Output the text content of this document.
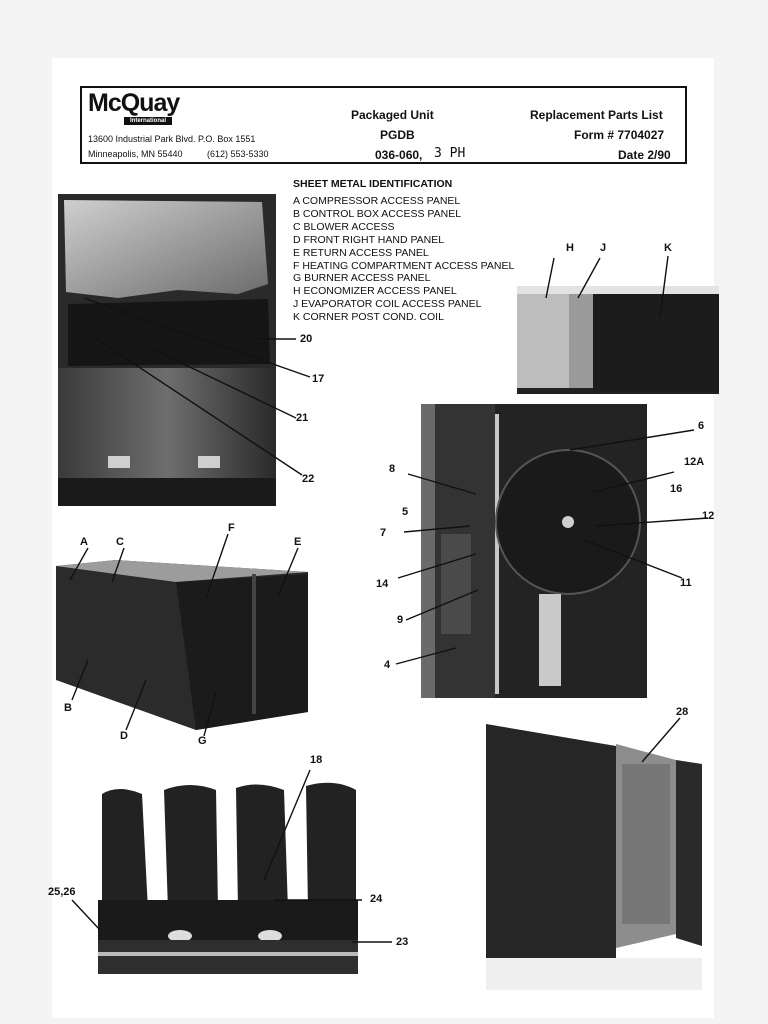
McQuay
International
13600 Industrial Park Blvd. P.O. Box 1551
Minneapolis, MN 55440	(612) 553-5330
Packaged Unit
PGDB
036-060, 3 PH
Replacement Parts List
Form # 7704027
Date 2/90
SHEET METAL IDENTIFICATION
A COMPRESSOR ACCESS PANEL
B CONTROL BOX ACCESS PANEL
C BLOWER ACCESS
D FRONT RIGHT HAND PANEL
E RETURN ACCESS PANEL
F HEATING COMPARTMENT ACCESS PANEL
G BURNER ACCESS PANEL
H ECONOMIZER ACCESS PANEL
J EVAPORATOR COIL ACCESS PANEL
K CORNER POST COND. COIL
20
17
21
22
H J	K
6
8
12A
16
5	12
7
11
14
9
4
A	C
F
E
B
D	G
18
25,26
24
23
28
